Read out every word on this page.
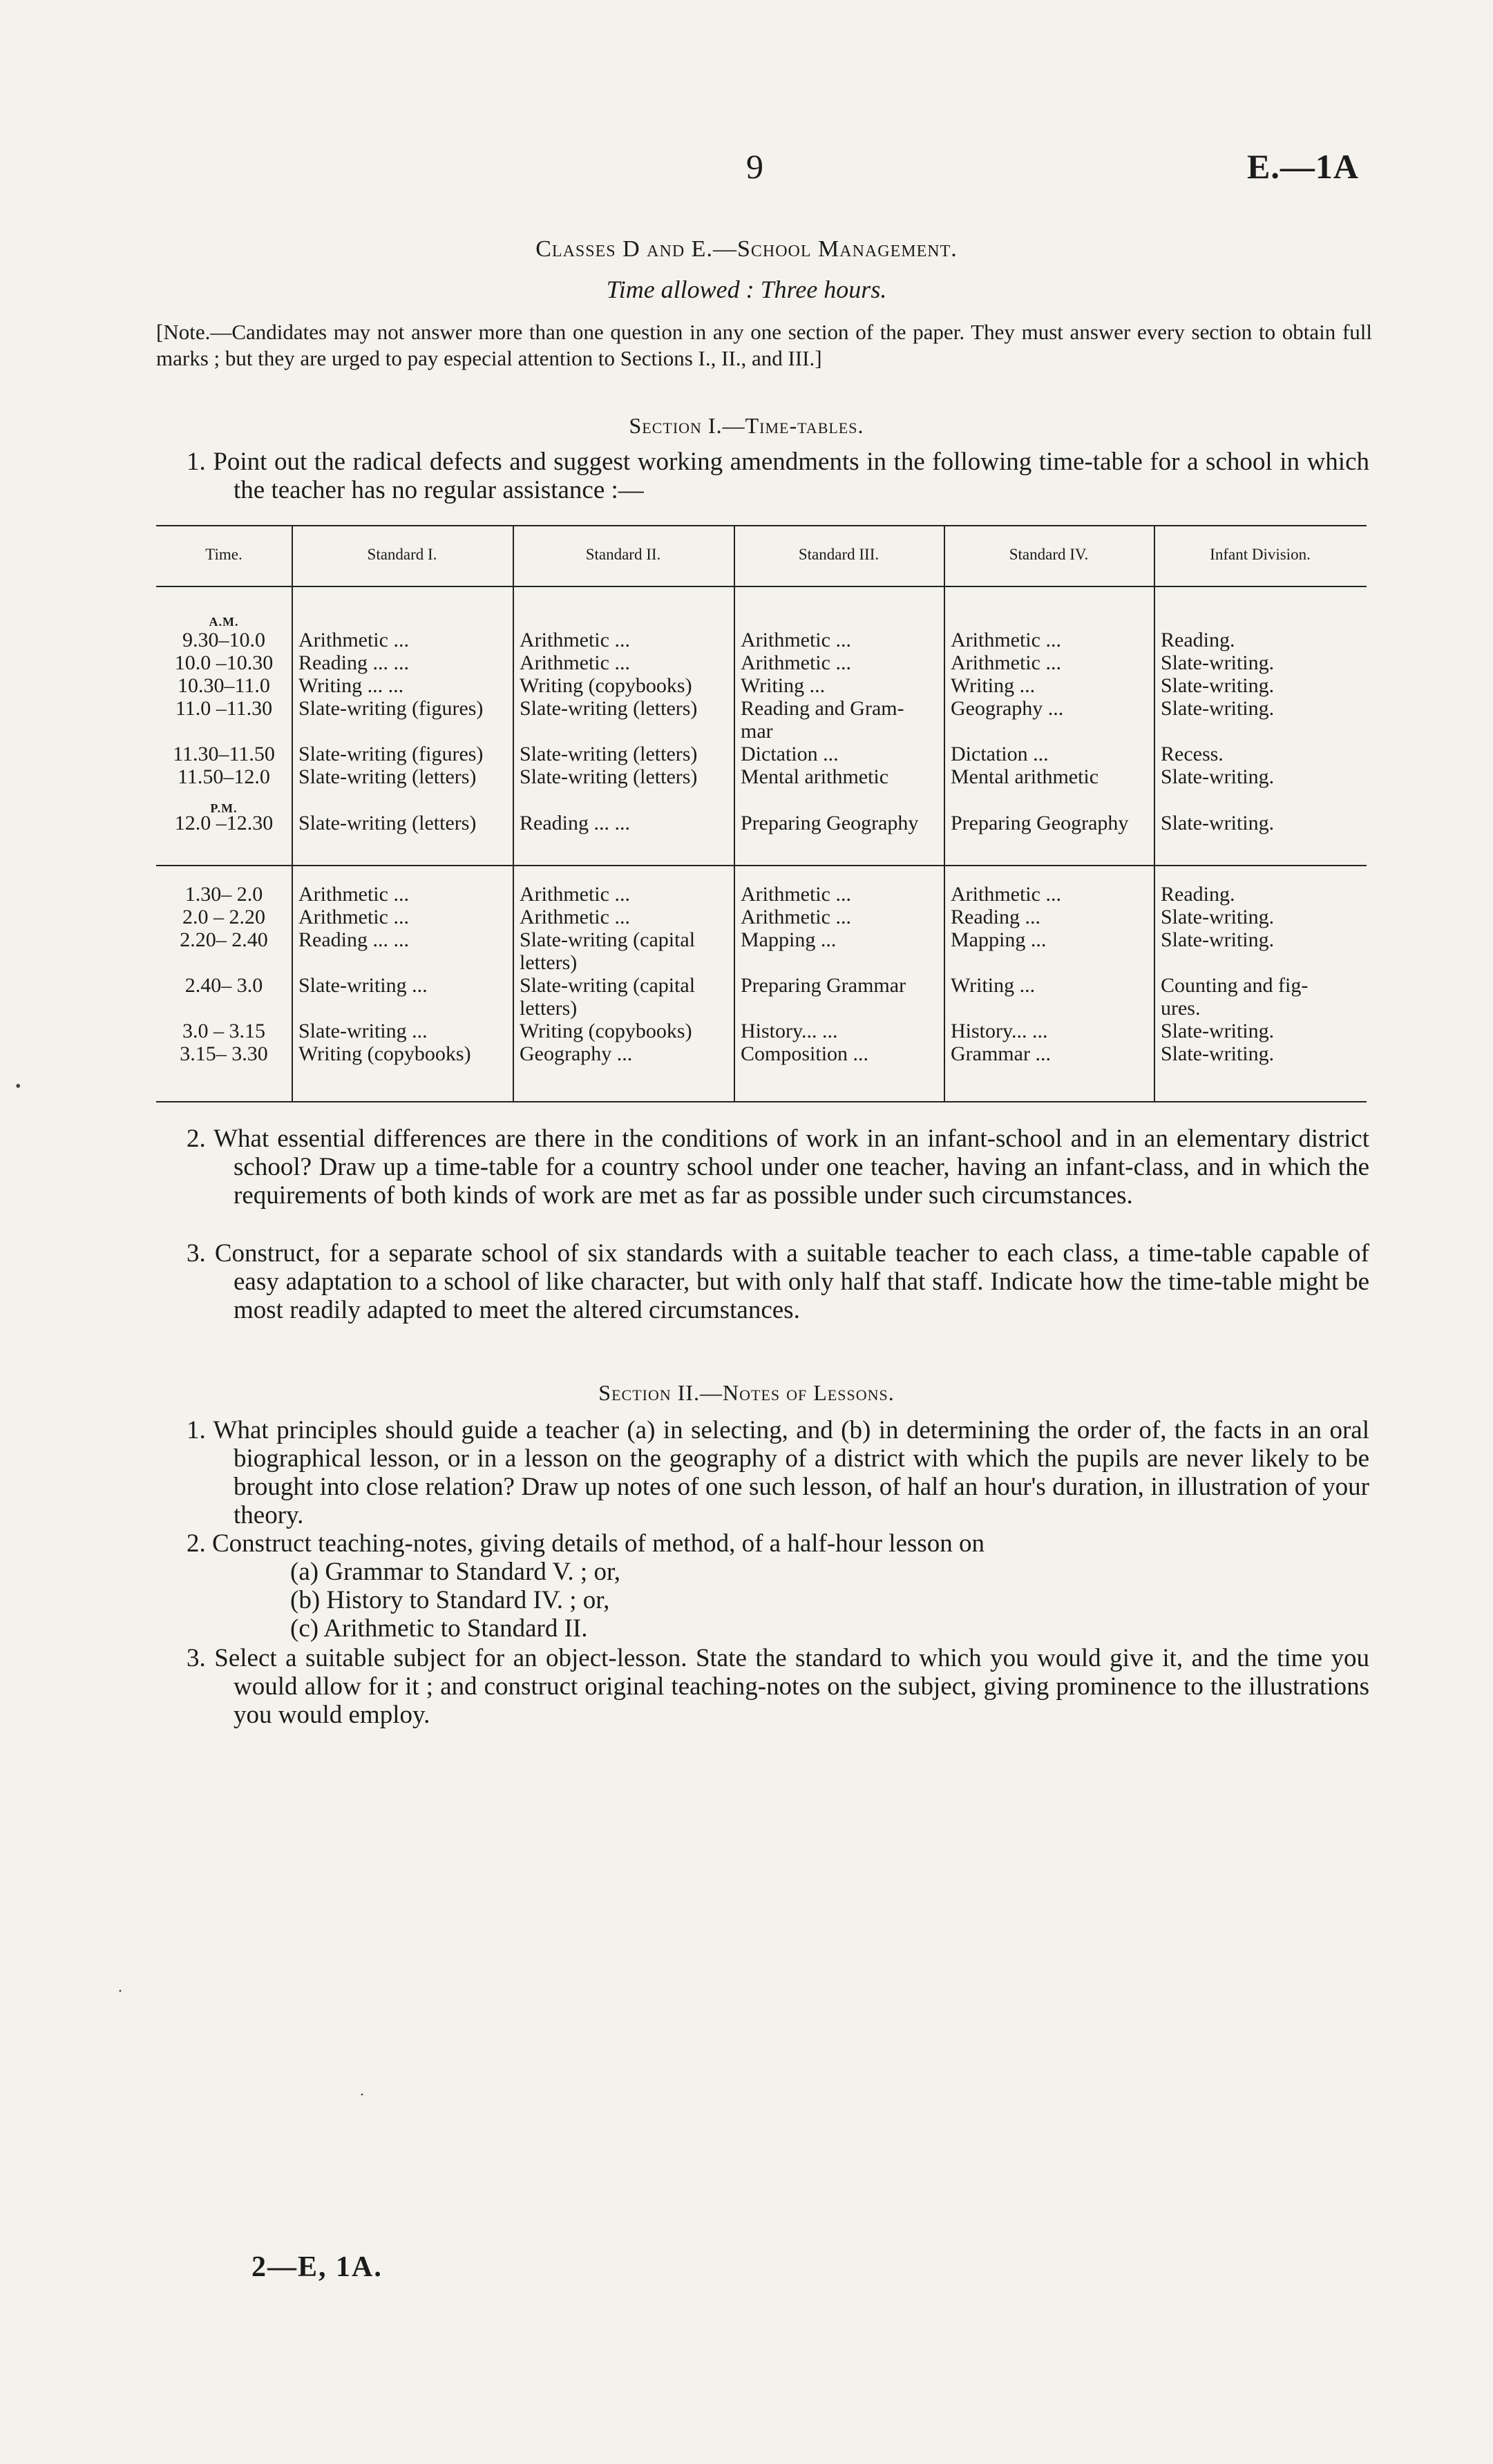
9	E.—1A
Classes D and E.—School Management.
Time allowed : Three hours.
[Note.—Candidates may not answer more than one question in any one section of the paper. They must answer every section to obtain full marks ; but they are urged to pay especial attention to Sections I., II., and III.]
Section I.—Time-tables.
1. Point out the radical defects and suggest working amendments in the following time-table for a school in which the teacher has no regular assistance :—
Time.	Standard I.	Standard II.	Standard III.	Standard IV.	Infant Division.
A.M.
P.M.
9.30–10.0	Arithmetic ...	Arithmetic ...	Arithmetic ...	Arithmetic ...	Reading.
10.0 –10.30	Reading ... ...	Arithmetic ...	Arithmetic ...	Arithmetic ...	Slate-writing.
10.30–11.0	Writing ... ...	Writing (copybooks)	Writing ...	Writing ...	Slate-writing.
11.0 –11.30	Slate-writing (figures)	Slate-writing (letters)	Reading and Gram-	Geography ...	Slate-writing.
mar
11.30–11.50	Slate-writing (figures)	Slate-writing (letters)	Dictation ...	Dictation ...	Recess.
11.50–12.0	Slate-writing (letters)	Slate-writing (letters)	Mental arithmetic	Mental arithmetic	Slate-writing.
12.0 –12.30	Slate-writing (letters)	Reading ... ...	Preparing Geography	Preparing Geography	Slate-writing.
1.30– 2.0	Arithmetic ...	Arithmetic ...	Arithmetic ...	Arithmetic ...	Reading.
2.0 – 2.20	Arithmetic ...	Arithmetic ...	Arithmetic ...	Reading ...	Slate-writing.
2.20– 2.40	Reading ... ...	Slate-writing (capital	Mapping ...	Mapping ...	Slate-writing.
letters)
2.40– 3.0	Slate-writing ...	Slate-writing (capital	Preparing Grammar	Writing ...	Counting and fig-
letters)	ures.
3.0 – 3.15	Slate-writing ...	Writing (copybooks)	History... ...	History... ...	Slate-writing.
3.15– 3.30	Writing (copybooks)	Geography ...	Composition ...	Grammar ...	Slate-writing.
2. What essential differences are there in the conditions of work in an infant-school and in an elementary district school? Draw up a time-table for a country school under one teacher, having an infant-class, and in which the requirements of both kinds of work are met as far as possible under such circumstances.
3. Construct, for a separate school of six standards with a suitable teacher to each class, a time-table capable of easy adaptation to a school of like character, but with only half that staff. Indicate how the time-table might be most readily adapted to meet the altered circumstances.
Section II.—Notes of Lessons.
1. What principles should guide a teacher (a) in selecting, and (b) in determining the order of, the facts in an oral biographical lesson, or in a lesson on the geography of a district with which the pupils are never likely to be brought into close relation? Draw up notes of one such lesson, of half an hour's duration, in illustration of your theory.
2. Construct teaching-notes, giving details of method, of a half-hour lesson on
(a) Grammar to Standard V. ; or,
(b) History to Standard IV. ; or,
(c) Arithmetic to Standard II.
3. Select a suitable subject for an object-lesson. State the standard to which you would give it, and the time you would allow for it ; and construct original teaching-notes on the subject, giving prominence to the illustrations you would employ.
2—E, 1A.
•
·
·
